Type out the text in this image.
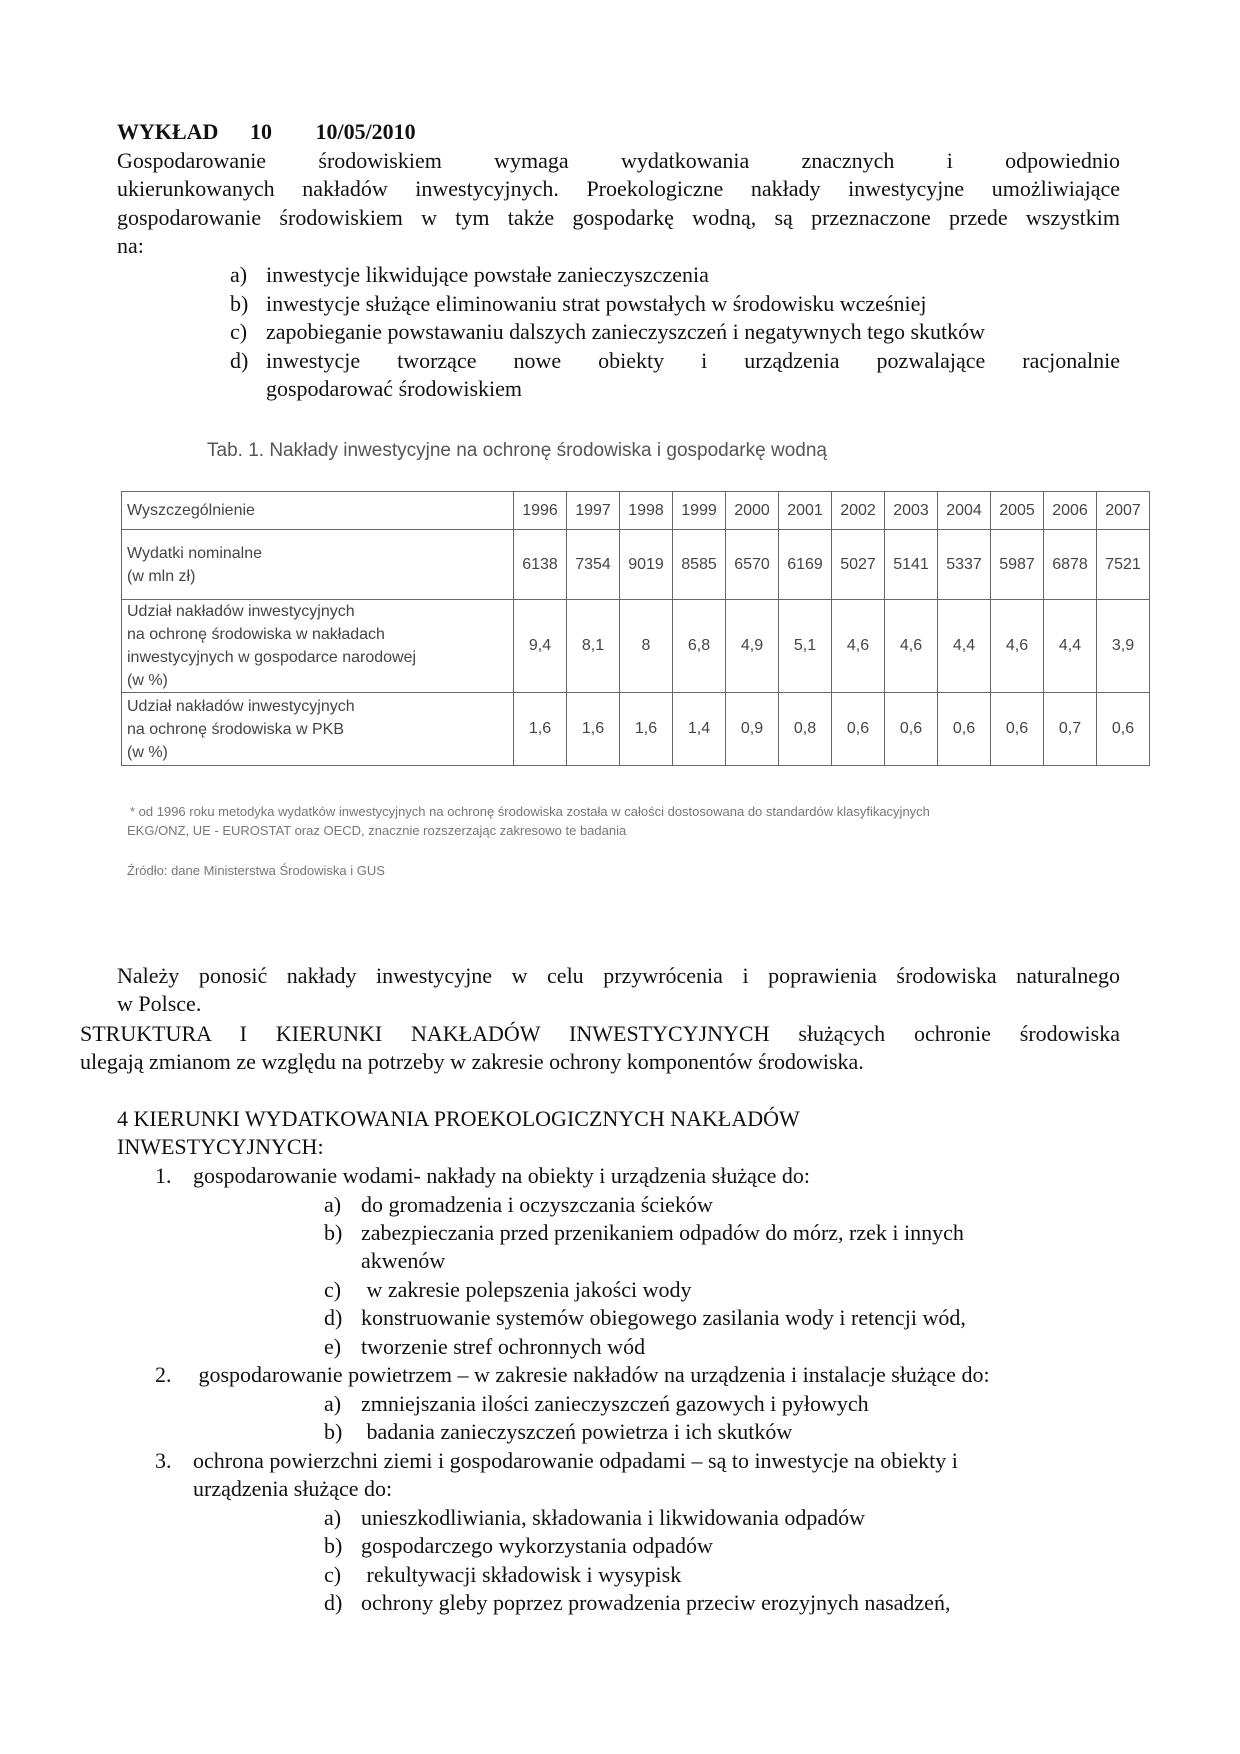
WYKŁAD 10 10/05/2010
Gospodarowanie środowiskiem wymaga wydatkowania znacznych i odpowiednio
ukierunkowanych nakładów inwestycyjnych. Proekologiczne nakłady inwestycyjne umożliwiające
gospodarowanie środowiskiem w tym także gospodarkę wodną, są przeznaczone przede wszystkim
na:
a) inwestycje likwidujące powstałe zanieczyszczenia
b) inwestycje służące eliminowaniu strat powstałych w środowisku wcześniej
c) zapobieganie powstawaniu dalszych zanieczyszczeń i negatywnych tego skutków
d) inwestycje tworzące nowe obiekty i urządzenia pozwalające racjonalnie
gospodarować środowiskiem
Tab. 1. Nakłady inwestycyjne na ochronę środowiska i gospodarkę wodną
Wyszczególnienie	1996	1997	1998	1999	2000	2001	2002	2003	2004	2005	2006	2007

Wydatki nominalne
(w mln zł)	6138	7354	9019	8585	6570	6169	5027	5141	5337	5987	6878	7521

Udział nakładów inwestycyjnych
na ochronę środowiska w nakładach
inwestycyjnych w gospodarce narodowej
(w %)	9,4	8,1	8	6,8	4,9	5,1	4,6	4,6	4,4	4,6	4,4	3,9

Udział nakładów inwestycyjnych
na ochronę środowiska w PKB
(w %)	1,6	1,6	1,6	1,4	0,9	0,8	0,6	0,6	0,6	0,6	0,7	0,6
* od 1996 roku metodyka wydatków inwestycyjnych na ochronę środowiska została w całości dostosowana do standardów klasyfikacyjnych
EKG/ONZ, UE - EUROSTAT oraz OECD, znacznie rozszerzając zakresowo te badania
Źródło: dane Ministerstwa Środowiska i GUS
Należy ponosić nakłady inwestycyjne w celu przywrócenia i poprawienia środowiska naturalnego
w Polsce.
STRUKTURA I KIERUNKI NAKŁADÓW INWESTYCYJNYCH służących ochronie środowiska
ulegają zmianom ze względu na potrzeby w zakresie ochrony komponentów środowiska.
4 KIERUNKI WYDATKOWANIA PROEKOLOGICZNYCH NAKŁADÓW
INWESTYCYJNYCH:
1. gospodarowanie wodami- nakłady na obiekty i urządzenia służące do:
a) do gromadzenia i oczyszczania ścieków
b) zabezpieczania przed przenikaniem odpadów do mórz, rzek i innych
akwenów
c) w zakresie polepszenia jakości wody
d) konstruowanie systemów obiegowego zasilania wody i retencji wód,
e) tworzenie stref ochronnych wód
2. gospodarowanie powietrzem – w zakresie nakładów na urządzenia i instalacje służące do:
a) zmniejszania ilości zanieczyszczeń gazowych i pyłowych
b) badania zanieczyszczeń powietrza i ich skutków
3. ochrona powierzchni ziemi i gospodarowanie odpadami – są to inwestycje na obiekty i
urządzenia służące do:
a) unieszkodliwiania, składowania i likwidowania odpadów
b) gospodarczego wykorzystania odpadów
c) rekultywacji składowisk i wysypisk
d) ochrony gleby poprzez prowadzenia przeciw erozyjnych nasadzeń,
